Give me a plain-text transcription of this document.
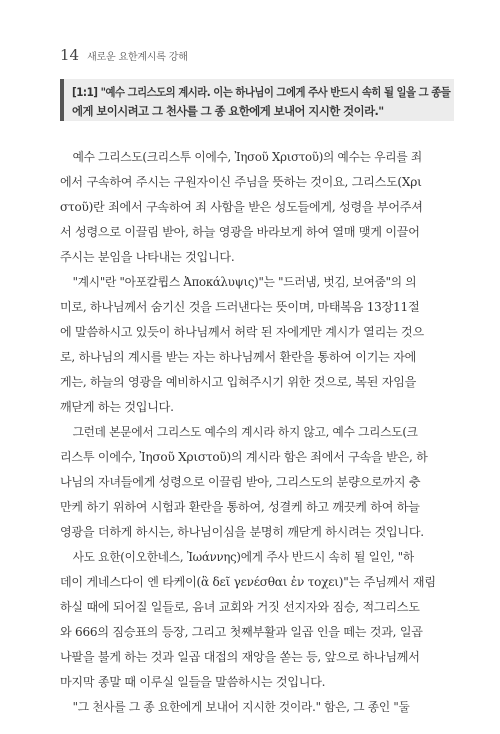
14 새로운 요한계시록 강해
[1:1] "예수 그리스도의 계시라. 이는 하나님이 그에게 주사 반드시 속히 될 일을 그 종들
에게 보이시려고 그 천사를 그 종 요한에게 보내어 지시한 것이라."
예수 그리스도(크리스투 이에수, Ἰησοῦ Χριστοῦ)의 예수는 우리를 죄
에서 구속하여 주시는 구원자이신 주님을 뜻하는 것이요, 그리스도(Χρι
στοῦ)란 죄에서 구속하여 죄 사함을 받은 성도들에게, 성령을 부어주셔
서 성령으로 이끌림 받아, 하늘 영광을 바라보게 하여 열매 맺게 이끌어
주시는 분임을 나타내는 것입니다.
"계시"란 "아포칼륍스 Ἀποκάλυψις)"는 "드러냄, 벗김, 보여줌"의 의
미로, 하나님께서 숨기신 것을 드러낸다는 뜻이며, 마태복음 13장11절
에 말씀하시고 있듯이 하나님께서 허락 된 자에게만 계시가 열리는 것으
로, 하나님의 계시를 받는 자는 하나님께서 환란을 통하여 이기는 자에
게는, 하늘의 영광을 예비하시고 입혀주시기 위한 것으로, 복된 자임을
깨닫게 하는 것입니다.
그런데 본문에서 그리스도 예수의 계시라 하지 않고, 예수 그리스도(크
리스투 이에수, Ἰησοῦ Χριστοῦ)의 계시라 함은 죄에서 구속을 받은, 하
나님의 자녀들에게 성령으로 이끌림 받아, 그리스도의 분량으로까지 충
만케 하기 위하여 시험과 환란을 통하여, 성결케 하고 깨끗케 하여 하늘
영광을 더하게 하시는, 하나님이심을 분명히 깨닫게 하시려는 것입니다.
사도 요한(이오한네스, Ἰωάννης)에게 주사 반드시 속히 될 일인, "하
데이 게네스다이 엔 타케이(ἃ δεῖ γενέσθαι ἐν τοχει)"는 주님께서 재림
하실 때에 되어질 일들로, 음녀 교회와 거짓 선지자와 짐승, 적그리스도
와 666의 짐승표의 등장, 그리고 첫째부활과 일곱 인을 떼는 것과, 일곱
나팔을 불게 하는 것과 일곱 대접의 재앙을 쏟는 등, 앞으로 하나님께서
마지막 종말 때 이루실 일들을 말씀하시는 것입니다.
"그 천사를 그 종 요한에게 보내어 지시한 것이라." 함은, 그 종인 "둘
